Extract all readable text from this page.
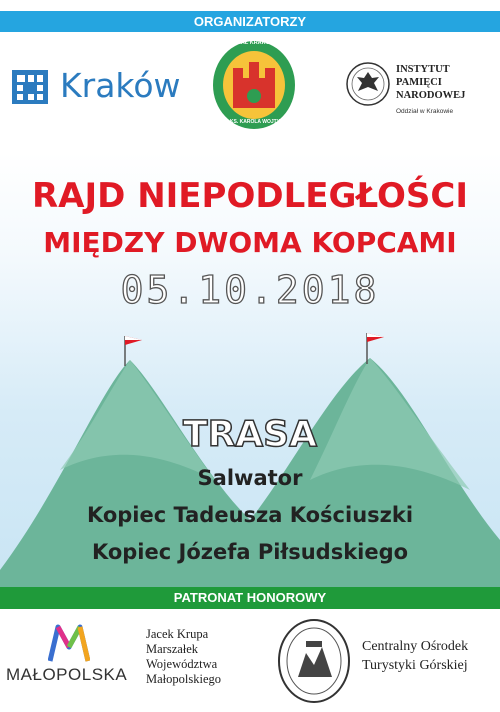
ORGANIZATORZY
Kraków
ODDZIAŁ KRAKOWSKI
IM. KS. KAROLA WOJTYŁY
INSTYTUT
PAMIĘCI
NARODOWEJ
Oddział w Krakowie
RAJD NIEPODLEGŁOŚCI
MIĘDZY DWOMA KOPCAMI
05.10.2018
TRASA
Salwator
Kopiec Tadeusza Kościuszki
Kopiec Józefa Piłsudskiego
PATRONAT HONOROWY
MAŁOPOLSKA
Jacek Krupa
Marszałek
Województwa
Małopolskiego
Centralny Ośrodek
Turystyki Górskiej
